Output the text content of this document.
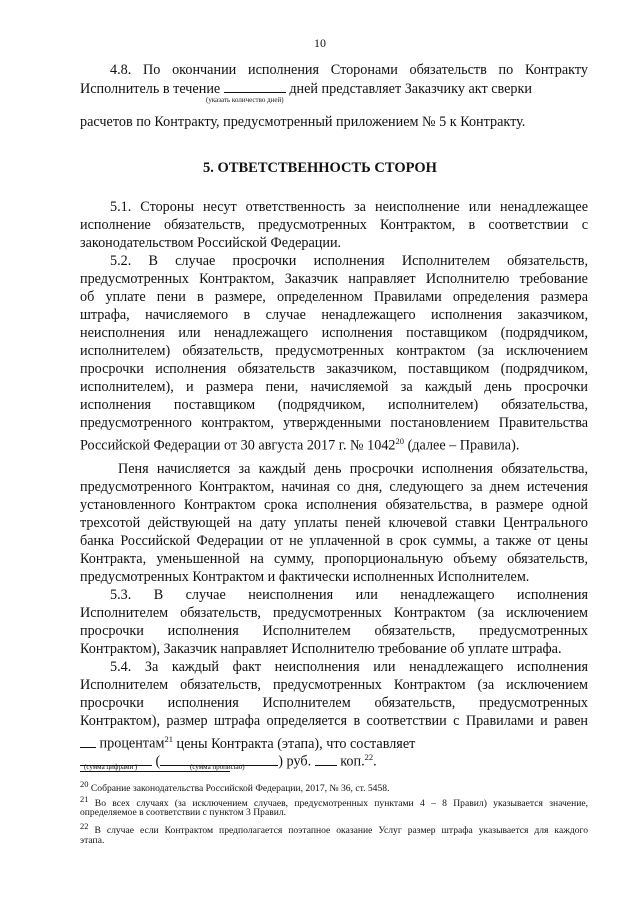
10
4.8. По окончании исполнения Сторонами обязательств по Контракту
Исполнитель в течение	дней представляет Заказчику акт сверки
(указать количество дней)
расчетов по Контракту, предусмотренный приложением № 5 к Контракту.
5. ОТВЕТСТВЕННОСТЬ СТОРОН
5.1. Стороны несут ответственность за неисполнение или ненадлежащее
исполнение обязательств, предусмотренных Контрактом, в соответствии с
законодательством Российской Федерации.
5.2. В случае просрочки исполнения Исполнителем обязательств,
предусмотренных Контрактом, Заказчик направляет Исполнителю требование
об уплате пени в размере, определенном Правилами определения размера
штрафа, начисляемого в случае ненадлежащего исполнения заказчиком,
неисполнения или ненадлежащего исполнения поставщиком (подрядчиком,
исполнителем) обязательств, предусмотренных контрактом (за исключением
просрочки исполнения обязательств заказчиком, поставщиком (подрядчиком,
исполнителем), и размера пени, начисляемой за каждый день просрочки
исполнения поставщиком (подрядчиком, исполнителем) обязательства,
предусмотренного контрактом, утвержденными постановлением Правительства
Российской Федерации от 30 августа 2017 г. № 1042$^{20}$ (далее – Правила).
Пеня начисляется за каждый день просрочки исполнения обязательства,
предусмотренного Контрактом, начиная со дня, следующего за днем истечения
установленного Контрактом срока исполнения обязательства, в размере одной
трехсотой действующей на дату уплаты пеней ключевой ставки Центрального
банка Российской Федерации от не уплаченной в срок суммы, а также от цены
Контракта, уменьшенной на сумму, пропорциональную объему обязательств,
предусмотренных Контрактом и фактически исполненных Исполнителем.
5.3. В случае неисполнения или ненадлежащего исполнения
Исполнителем обязательств, предусмотренных Контрактом (за исключением
просрочки исполнения Исполнителем обязательств, предусмотренных
Контрактом), Заказчик направляет Исполнителю требование об уплате штрафа.
5.4. За каждый факт неисполнения или ненадлежащего исполнения
Исполнителем обязательств, предусмотренных Контрактом (за исключением
просрочки исполнения Исполнителем обязательств, предусмотренных
Контрактом), размер штрафа определяется в соответствии с Правилами и равен
процентам$^{21}$ цены Контракта (этапа), что составляет
(	) руб.  коп.$^{22}$.
(сумма цифрами )	(сумма прописью)
20 Собрание законодательства Российской Федерации, 2017, № 36, ст. 5458.
21 Во всех случаях (за исключением случаев, предусмотренных пунктами 4 – 8 Правил) указывается значение,
определяемое в соответствии с пунктом 3 Правил.
22 В случае если Контрактом предполагается поэтапное оказание Услуг размер штрафа указывается для каждого
этапа.
